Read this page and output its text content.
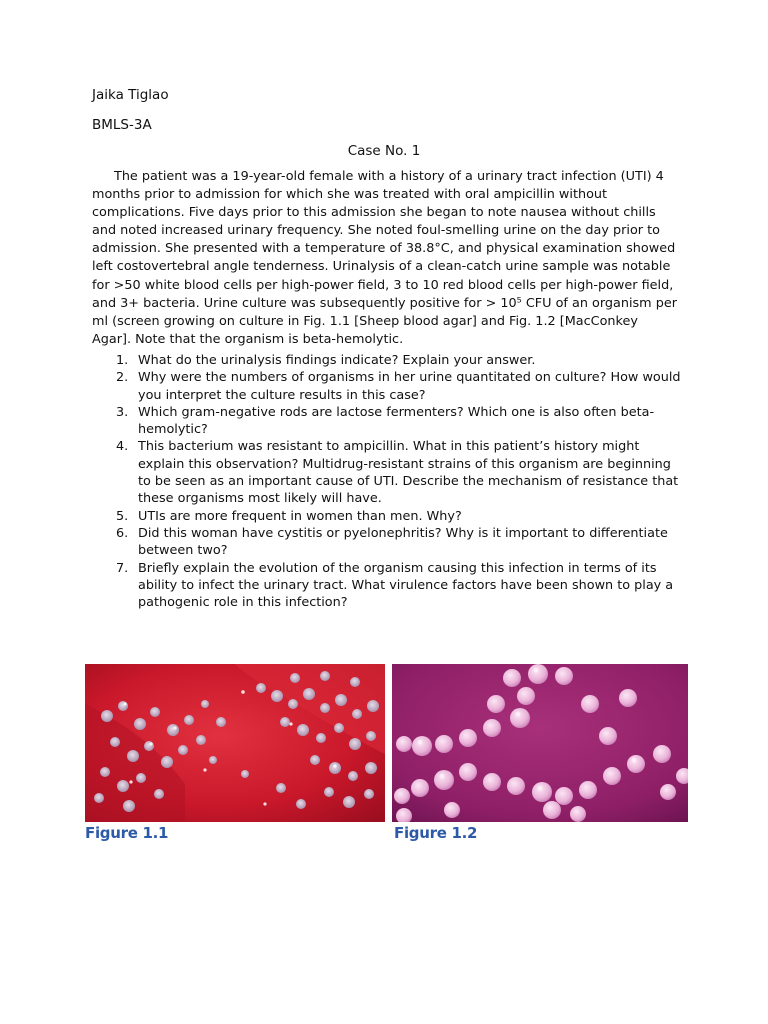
Jaika Tiglao
BMLS-3A
Case No. 1

The patient was a 19-year-old female with a history of a urinary tract infection (UTI) 4 months prior to admission for which she was treated with oral ampicillin without complications. Five days prior to this admission she began to note nausea without chills and noted increased urinary frequency. She noted foul-smelling urine on the day prior to admission. She presented with a temperature of 38.8°C, and physical examination showed left costovertebral angle tenderness. Urinalysis of a clean-catch urine sample was notable for >50 white blood cells per high-power field, 3 to 10 red blood cells per high-power field, and 3+ bacteria. Urine culture was subsequently positive for > 10⁵ CFU of an organism per ml (screen growing on culture in Fig. 1.1 [Sheep blood agar] and Fig. 1.2 [MacConkey Agar]. Note that the organism is beta-hemolytic.

1. What do the urinalysis findings indicate? Explain your answer.
2. Why were the numbers of organisms in her urine quantitated on culture? How would you interpret the culture results in this case?
3. Which gram-negative rods are lactose fermenters? Which one is also often beta-hemolytic?
4. This bacterium was resistant to ampicillin. What in this patient’s history might explain this observation? Multidrug-resistant strains of this organism are beginning to be seen as an important cause of UTI. Describe the mechanism of resistance that these organisms most likely will have.
5. UTIs are more frequent in women than men. Why?
6. Did this woman have cystitis or pyelonephritis? Why is it important to differentiate between two?
7. Briefly explain the evolution of the organism causing this infection in terms of its ability to infect the urinary tract. What virulence factors have been shown to play a pathogenic role in this infection?
Figure 1.1	Figure 1.2
